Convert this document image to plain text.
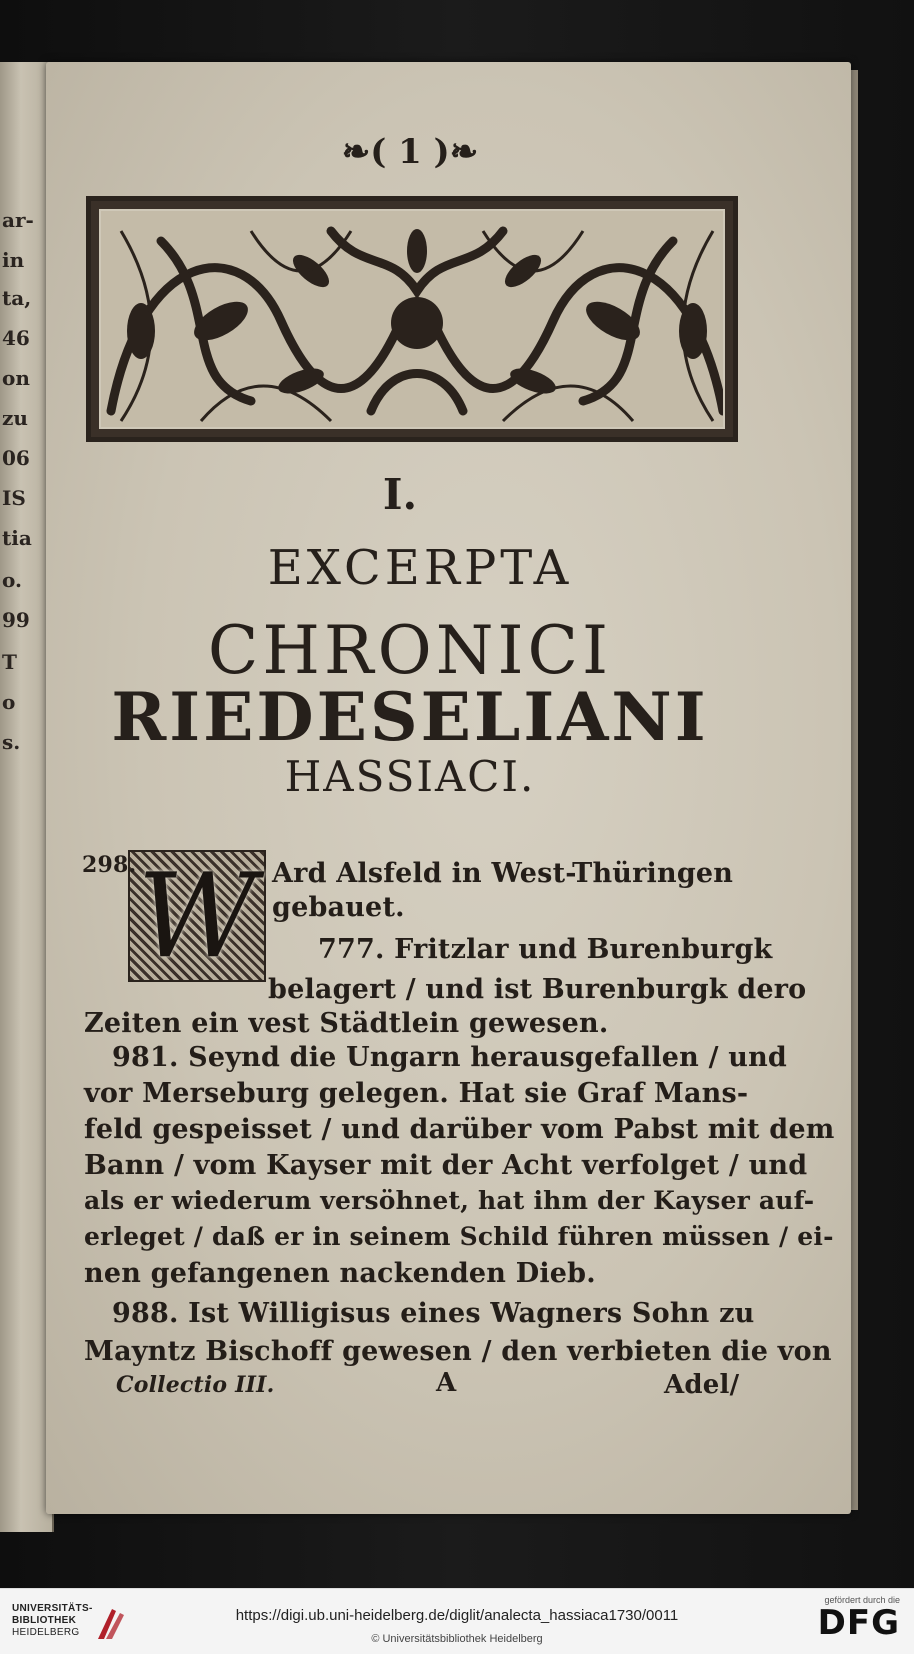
ar-
in
ta,
46
on
zu
06
IS
tia
o.
99
T
o
s.
❧( 1 )❧
I.
EXCERPTA
CHRONICI
RIEDESELIANI
HASSIACI.
W
298.	Ard Alsfeld in West-Thüringen
gebauet.
777. Fritzlar und Burenburgk
belagert / und ist Burenburgk dero
Zeiten ein vest Städtlein gewesen.
981. Seynd die Ungarn herausgefallen / und
vor Merseburg gelegen. Hat sie Graf Mans-
feld gespeisset / und darüber vom Pabst mit dem
Bann / vom Kayser mit der Acht verfolget / und
als er wiederum versöhnet, hat ihm der Kayser auf-
erleget / daß er in seinem Schild führen müssen / ei-
nen gefangenen nackenden Dieb.
988. Ist Willigisus eines Wagners Sohn zu
Mayntz Bischoff gewesen / den verbieten die von
Collectio III.	A	Adel/
UNIVERSITÄTS-
BIBLIOTHEK
HEIDELBERG
https://digi.ub.uni-heidelberg.de/diglit/analecta_hassiaca1730/0011
© Universitätsbibliothek Heidelberg
gefördert durch die
DFG
